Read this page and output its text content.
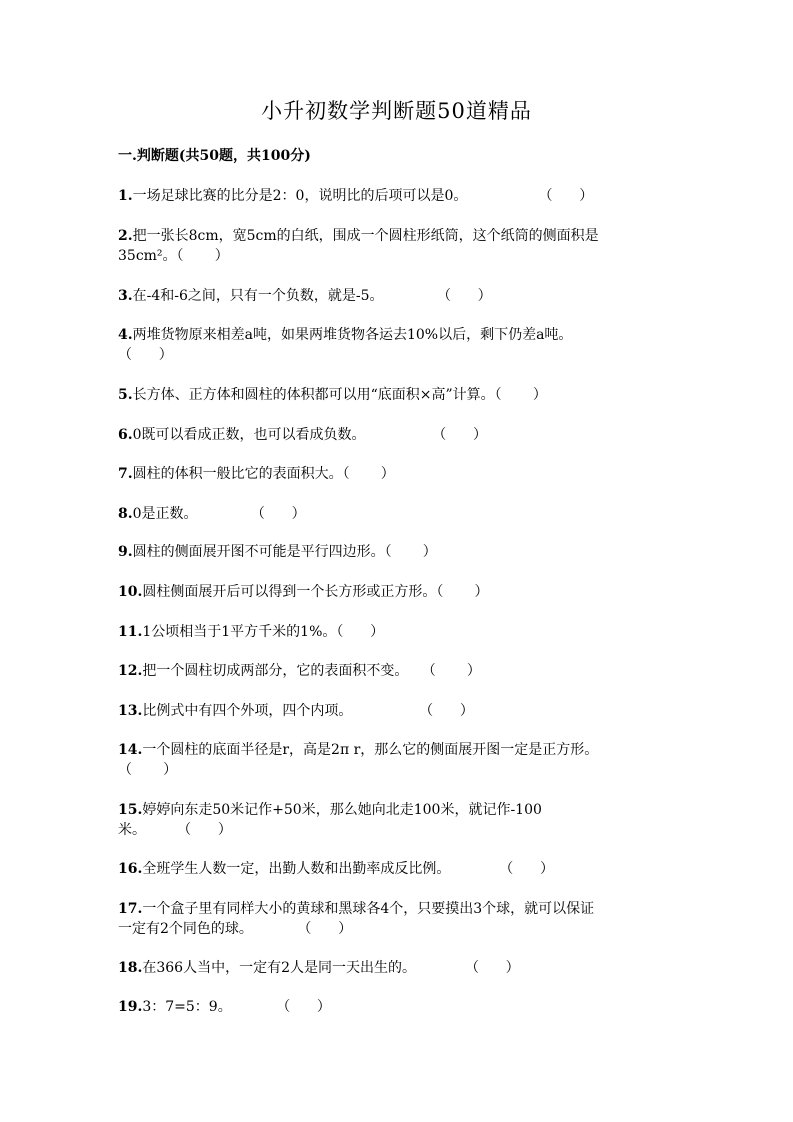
小升初数学判断题50道精品
一.判断题(共50题，共100分)
1.一场足球比赛的比分是2：0，说明比的后项可以是0。                （      ）
2.把一张长8cm，宽5cm的白纸，围成一个圆柱形纸筒，这个纸筒的侧面积是
35cm²。（       ）
3.在-4和-6之间，只有一个负数，就是-5。            （      ）
4.两堆货物原来相差a吨，如果两堆货物各运去10%以后，剩下仍差a吨。
（      ）
5.长方体、正方体和圆柱的体积都可以用“底面积×高”计算。（       ）
6.0既可以看成正数，也可以看成负数。               （      ）
7.圆柱的体积一般比它的表面积大。（       ）
8.0是正数。            （      ）
9.圆柱的侧面展开图不可能是平行四边形。（       ）
10.圆柱侧面展开后可以得到一个长方形或正方形。（       ）
11.1公顷相当于1平方千米的1%。（      ）
12.把一个圆柱切成两部分，它的表面积不变。   （       ）
13.比例式中有四个外项，四个内项。               （      ）
14.一个圆柱的底面半径是r，高是2π r，那么它的侧面展开图一定是正方形。
（       ）
15.婷婷向东走50米记作+50米，那么她向北走100米，就记作-100
米。       （      ）
16.全班学生人数一定，出勤人数和出勤率成反比例。           （      ）
17.一个盒子里有同样大小的黄球和黑球各4个，只要摸出3个球，就可以保证
一定有2个同色的球。          （      ）
18.在366人当中，一定有2人是同一天出生的。           （      ）
19.3：7=5：9。          （      ）
